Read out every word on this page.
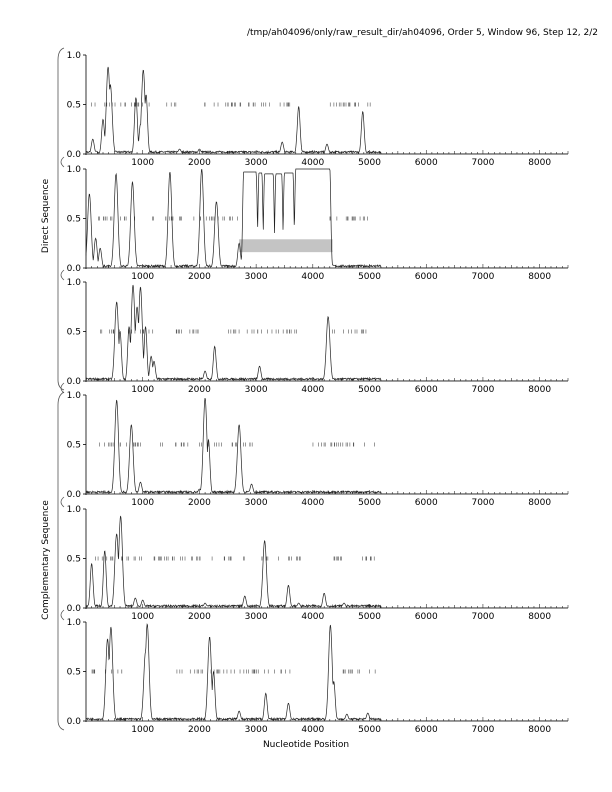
/tmp/ah04096/only/raw_result_dir/ah04096, Order 5, Window 96, Step 12, 2/2
0.0
0.5
1.0
1000	2000	3000	4000	5000	6000	7000	8000
0.0
0.5
1.0
1000	2000	3000	4000	5000	6000	7000	8000
0.0
0.5
1.0
1000	2000	3000	4000	5000	6000	7000	8000
0.0
0.5
1.0
1000	2000	3000	4000	5000	6000	7000	8000
0.0
0.5
1.0
1000	2000	3000	4000	5000	6000	7000	8000
0.0
0.5
1.0
1000	2000	3000	4000	5000	6000	7000	8000
Direct Sequence
Complementary Sequence
Nucleotide Position
